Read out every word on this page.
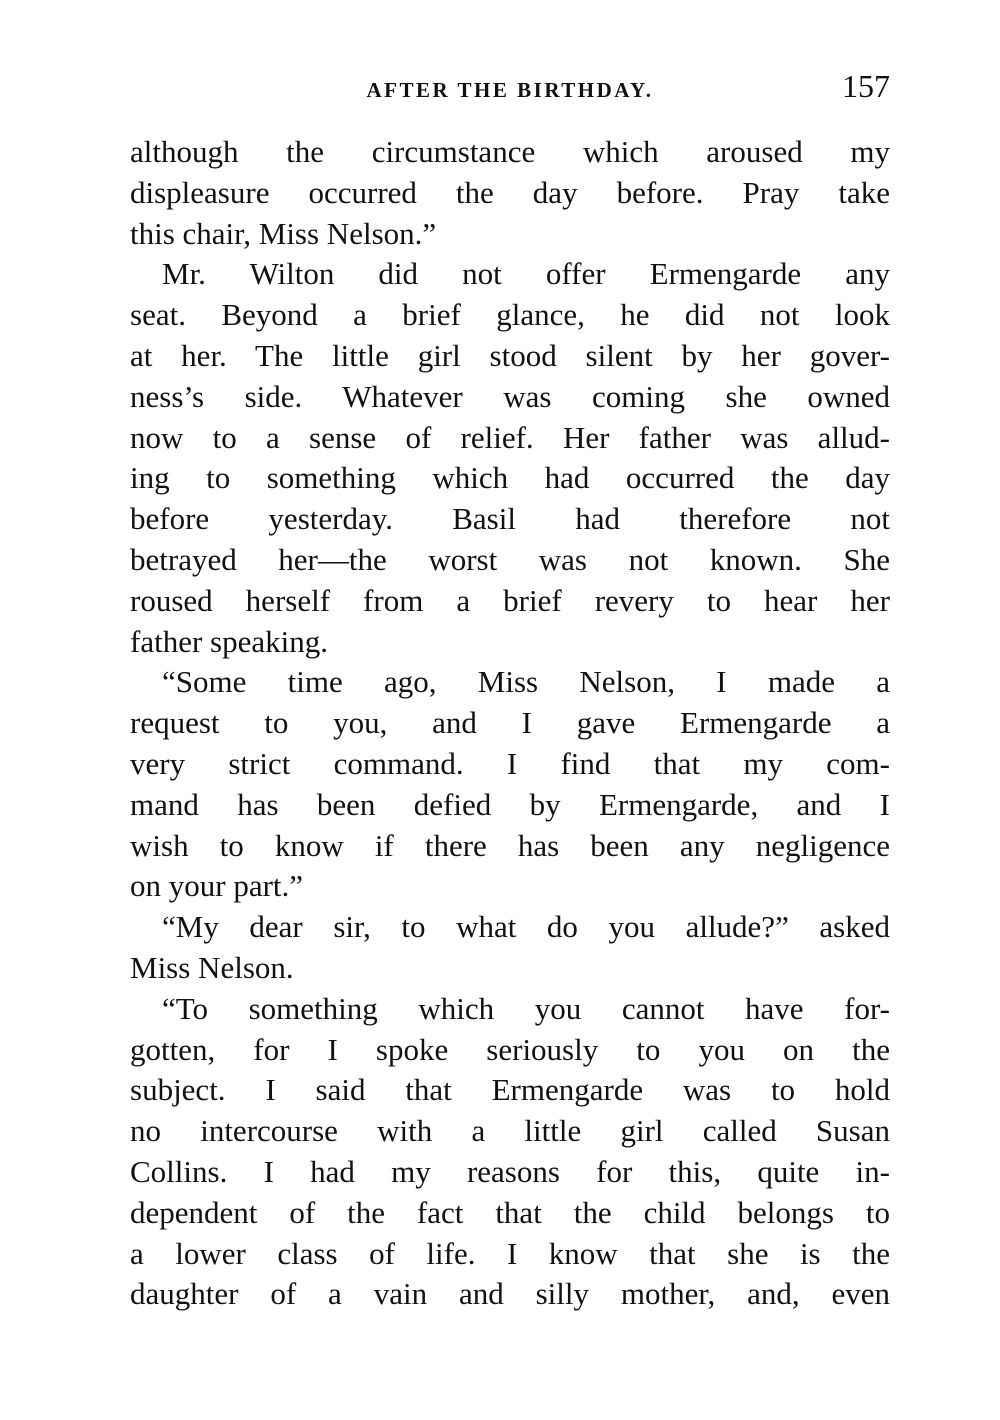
AFTER THE BIRTHDAY.	157
although the circumstance which aroused my
displeasure occurred the day before. Pray take
this chair, Miss Nelson.”
Mr. Wilton did not offer Ermengarde any
seat. Beyond a brief glance, he did not look
at her. The little girl stood silent by her gover-
ness’s side. Whatever was coming she owned
now to a sense of relief. Her father was allud-
ing to something which had occurred the day
before yesterday. Basil had therefore not
betrayed her—the worst was not known. She
roused herself from a brief revery to hear her
father speaking.
“Some time ago, Miss Nelson, I made a
request to you, and I gave Ermengarde a
very strict command. I find that my com-
mand has been defied by Ermengarde, and I
wish to know if there has been any negligence
on your part.”
“My dear sir, to what do you allude?” asked
Miss Nelson.
“To something which you cannot have for-
gotten, for I spoke seriously to you on the
subject. I said that Ermengarde was to hold
no intercourse with a little girl called Susan
Collins. I had my reasons for this, quite in-
dependent of the fact that the child belongs to
a lower class of life. I know that she is the
daughter of a vain and silly mother, and, even
